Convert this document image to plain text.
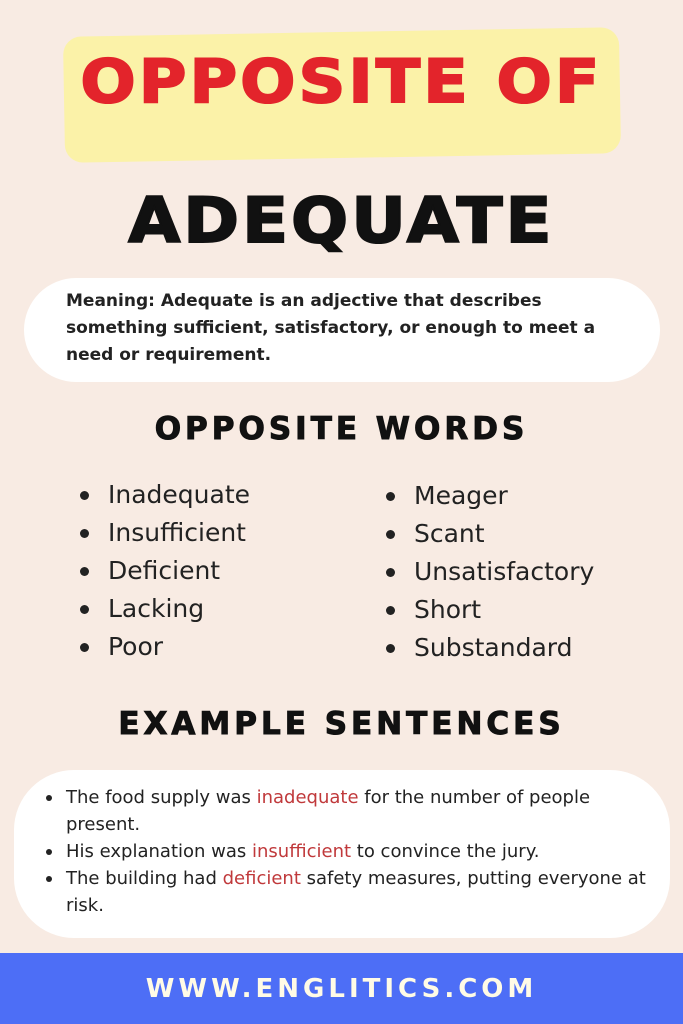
OPPOSITE OF
ADEQUATE
Meaning: Adequate is an adjective that describes something sufficient, satisfactory, or enough to meet a need or requirement.
OPPOSITE WORDS
Inadequate
Insufficient
Deficient
Lacking
Poor
Meager
Scant
Unsatisfactory
Short
Substandard
EXAMPLE SENTENCES
The food supply was inadequate for the number of people present.
His explanation was insufficient to convince the jury.
The building had deficient safety measures, putting everyone at risk.
WWW.ENGLITICS.COM
